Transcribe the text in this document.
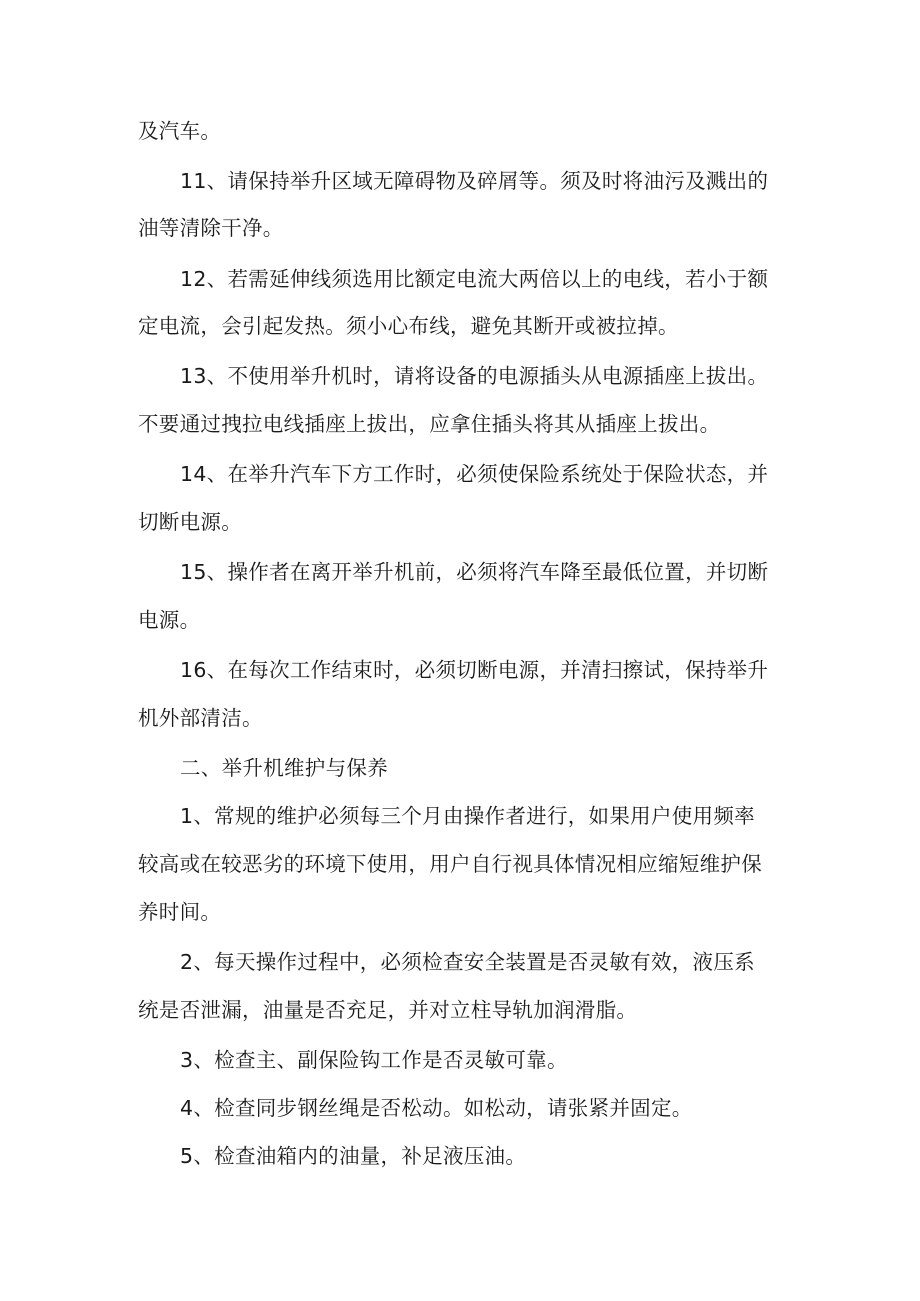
及汽车。
11、请保持举升区域无障碍物及碎屑等。须及时将油污及溅出的
油等清除干净。
12、若需延伸线须选用比额定电流大两倍以上的电线，若小于额
定电流，会引起发热。须小心布线，避免其断开或被拉掉。
13、不使用举升机时，请将设备的电源插头从电源插座上拔出。
不要通过拽拉电线插座上拔出，应拿住插头将其从插座上拔出。
14、在举升汽车下方工作时，必须使保险系统处于保险状态，并
切断电源。
15、操作者在离开举升机前，必须将汽车降至最低位置，并切断
电源。
16、在每次工作结束时，必须切断电源，并清扫擦试，保持举升
机外部清洁。
二、举升机维护与保养
1、常规的维护必须每三个月由操作者进行，如果用户使用频率
较高或在较恶劣的环境下使用，用户自行视具体情况相应缩短维护保
养时间。
2、每天操作过程中，必须检查安全装置是否灵敏有效，液压系
统是否泄漏，油量是否充足，并对立柱导轨加润滑脂。
3、检查主、副保险钩工作是否灵敏可靠。
4、检查同步钢丝绳是否松动。如松动，请张紧并固定。
5、检查油箱内的油量，补足液压油。
